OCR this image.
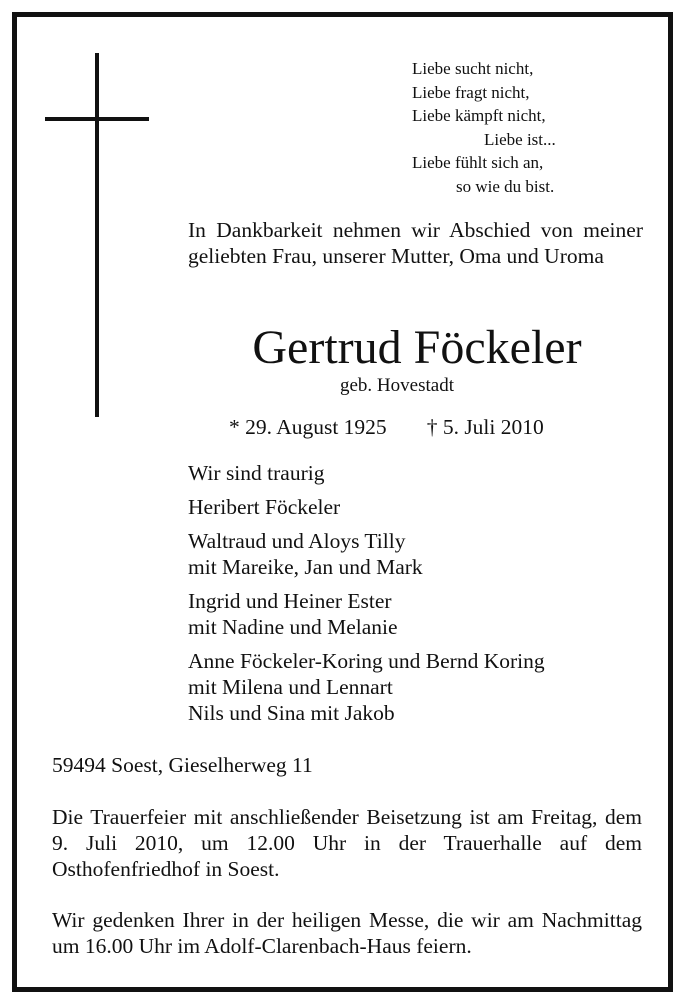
Liebe sucht nicht,
Liebe fragt nicht,
Liebe kämpft nicht,
Liebe ist...
Liebe fühlt sich an,
so wie du bist.
In Dankbarkeit nehmen wir Abschied von meiner geliebten Frau, unserer Mutter, Oma und Uroma
Gertrud Föckeler
geb. Hovestadt
* 29. August 1925 † 5. Juli 2010
Wir sind traurig
Heribert Föckeler
Waltraud und Aloys Tilly
mit Mareike, Jan und Mark
Ingrid und Heiner Ester
mit Nadine und Melanie
Anne Föckeler-Koring und Bernd Koring
mit Milena und Lennart
Nils und Sina mit Jakob
59494 Soest, Gieselherweg 11
Die Trauerfeier mit anschließender Beisetzung ist am Freitag, dem 9. Juli 2010, um 12.00 Uhr in der Trauerhalle auf dem Osthofenfriedhof in Soest.
Wir gedenken Ihrer in der heiligen Messe, die wir am Nachmittag um 16.00 Uhr im Adolf-Clarenbach-Haus feiern.
